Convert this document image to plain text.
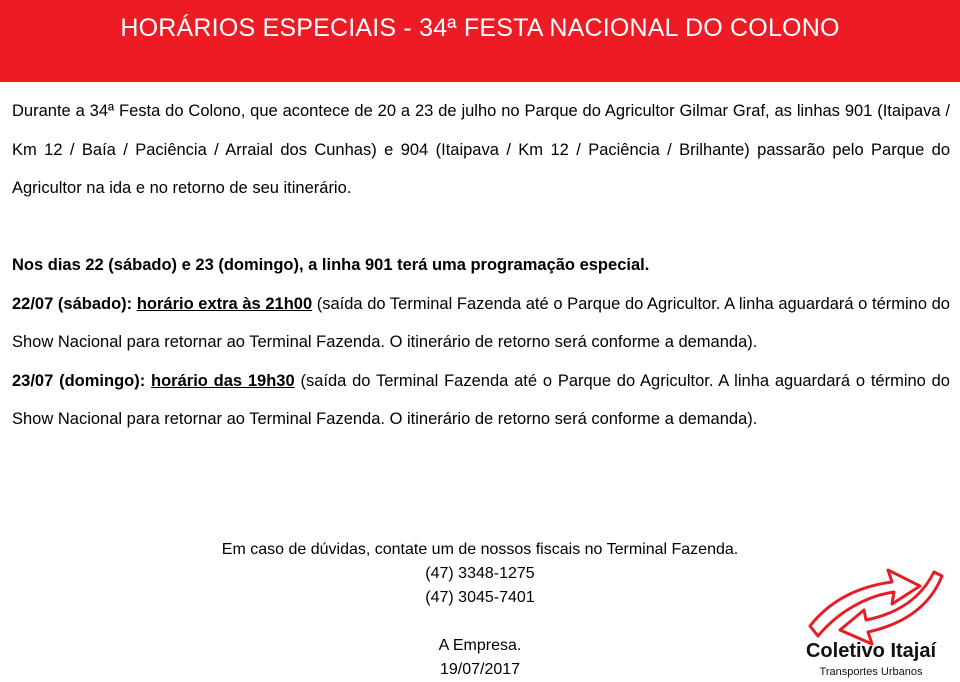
HORÁRIOS ESPECIAIS - 34ª FESTA NACIONAL DO COLONO

Durante a 34ª Festa do Colono, que acontece de 20 a 23 de julho no Parque do Agricultor Gilmar Graf, as linhas 901 (Itaipava / Km 12 / Baía / Paciência / Arraial dos Cunhas) e 904 (Itaipava / Km 12 / Paciência / Brilhante) passarão pelo Parque do Agricultor na ida e no retorno de seu itinerário.

Nos dias 22 (sábado) e 23 (domingo), a linha 901 terá uma programação especial.

22/07 (sábado): horário extra às 21h00 (saída do Terminal Fazenda até o Parque do Agricultor. A linha aguardará o término do Show Nacional para retornar ao Terminal Fazenda. O itinerário de retorno será conforme a demanda).

23/07 (domingo): horário das 19h30 (saída do Terminal Fazenda até o Parque do Agricultor. A linha aguardará o término do Show Nacional para retornar ao Terminal Fazenda. O itinerário de retorno será conforme a demanda).

Em caso de dúvidas, contate um de nossos fiscais no Terminal Fazenda.
(47) 3348-1275
(47) 3045-7401
A Empresa.
19/07/2017
Coletivo Itajaí
Transportes Urbanos
